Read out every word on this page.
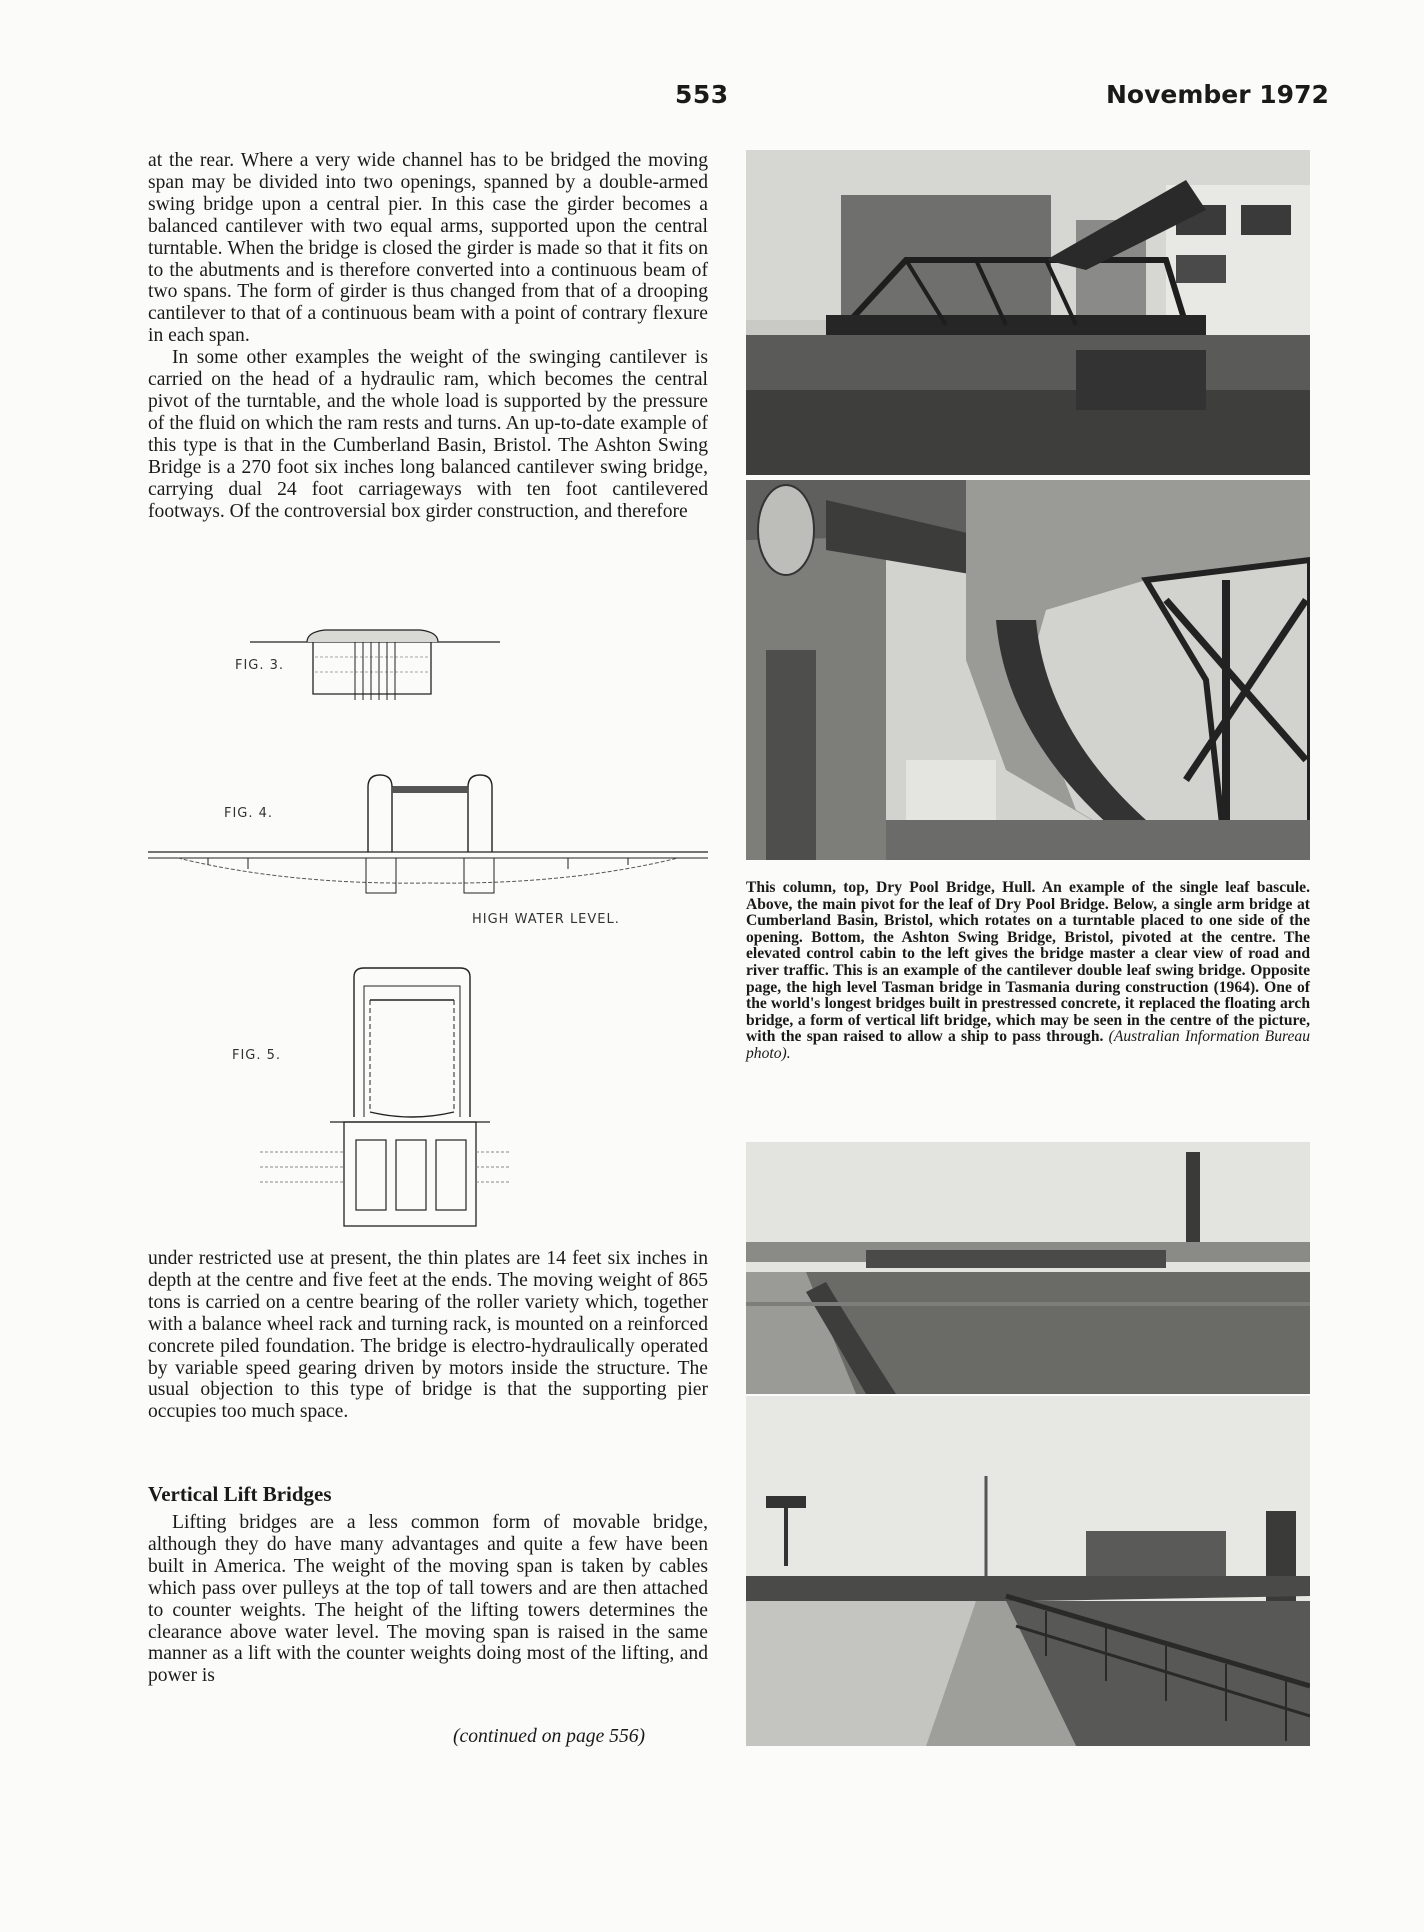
553	November 1972

at the rear. Where a very wide channel has to be bridged the moving span may be divided into two openings, spanned by a double-armed swing bridge upon a central pier. In this case the girder becomes a balanced cantilever with two equal arms, supported upon the central turntable. When the bridge is closed the girder is made so that it fits on to the abutments and is therefore converted into a continuous beam of two spans. The form of girder is thus changed from that of a drooping cantilever to that of a continuous beam with a point of contrary flexure in each span.

In some other examples the weight of the swinging cantilever is carried on the head of a hydraulic ram, which becomes the central pivot of the turntable, and the whole load is supported by the pressure of the fluid on which the ram rests and turns. An up-to-date example of this type is that in the Cumberland Basin, Bristol. The Ashton Swing Bridge is a 270 foot six inches long balanced cantilever swing bridge, carrying dual 24 foot carriageways with ten foot cantilevered footways. Of the controversial box girder construction, and therefore

FIG. 3.
FIG. 4.
HIGH WATER LEVEL.
FIG. 5.

under restricted use at present, the thin plates are 14 feet six inches in depth at the centre and five feet at the ends. The moving weight of 865 tons is carried on a centre bearing of the roller variety which, together with a balance wheel rack and turning rack, is mounted on a reinforced concrete piled foundation. The bridge is electro-hydraulically operated by variable speed gearing driven by motors inside the structure. The usual objection to this type of bridge is that the supporting pier occupies too much space.

Vertical Lift Bridges

Lifting bridges are a less common form of movable bridge, although they do have many advantages and quite a few have been built in America. The weight of the moving span is taken by cables which pass over pulleys at the top of tall towers and are then attached to counter weights. The height of the lifting towers determines the clearance above water level. The moving span is raised in the same manner as a lift with the counter weights doing most of the lifting, and power is

(continued on page 556)
This column, top, Dry Pool Bridge, Hull. An example of the single leaf bascule. Above, the main pivot for the leaf of Dry Pool Bridge. Below, a single arm bridge at Cumberland Basin, Bristol, which rotates on a turntable placed to one side of the opening. Bottom, the Ashton Swing Bridge, Bristol, pivoted at the centre. The elevated control cabin to the left gives the bridge master a clear view of road and river traffic. This is an example of the cantilever double leaf swing bridge. Opposite page, the high level Tasman bridge in Tasmania during construction (1964). One of the world's longest bridges built in prestressed concrete, it replaced the floating arch bridge, a form of vertical lift bridge, which may be seen in the centre of the picture, with the span raised to allow a ship to pass through. (Australian Information Bureau photo).
